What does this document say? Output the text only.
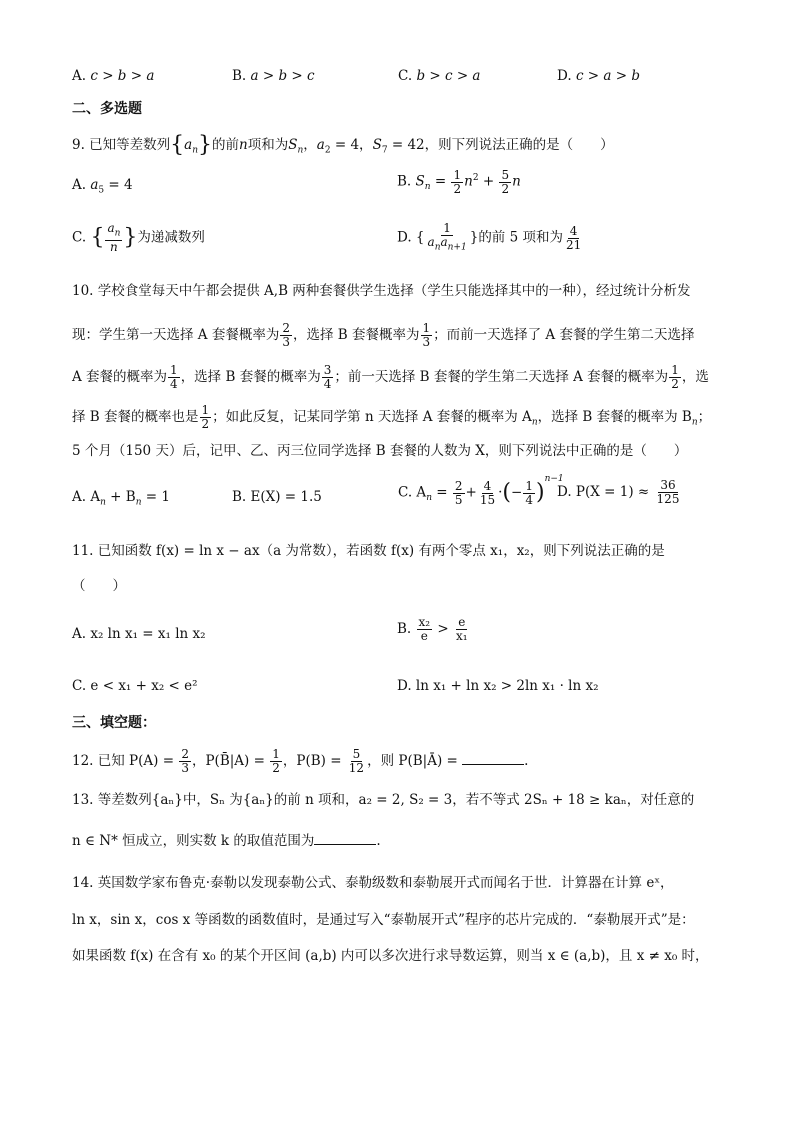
A. c > b > a	B. a > b > c	C. b > c > a	D. c > a > b
二、多选题
9. 已知等差数列$\{a_n\}$的前n项和为$S_n$，$a_2 = 4$，$S_7 = 42$，则下列说法正确的是（　　）
A. $a_5 = 4$	B. $S_n = \frac{1}{2} n^2 + \frac{5}{2}$ n
C. { $\frac{a_n}{n}$ }为递减数列	D. {
1
$a_na_{n+1}$
}的前 5 项和为 $\frac{4}{21}$
10. 学校食堂每天中午都会提供 A,B 两种套餐供学生选择（学生只能选择其中的一种），经过统计分析发
现：学生第一天选择 A 套餐概率为 $\frac{2}{3}$ ，选择 B 套餐概率为 $\frac{1}{3}$ ；而前一天选择了 A 套餐的学生第二天选择
A 套餐的概率为 $\frac{1}{4}$ ，选择 B 套餐的概率为 $\frac{3}{4}$ ；前一天选择 B 套餐的学生第二天选择 A 套餐的概率为 $\frac{1}{2}$ ，选
择 B 套餐的概率也是 $\frac{1}{2}$ ；如此反复，记某同学第 n 天选择 A 套餐的概率为 $A_n$，选择 B 套餐的概率为 $B_n$；
5 个月（150 天）后，记甲、乙、丙三位同学选择 B 套餐的人数为 X，则下列说法中正确的是（　　）
A. $A_n + B_n = 1$	B. E(X) = 1.5	C. $A_n = \frac{2}{5} + \frac{4}{15}$ ·(− $\frac{1}{4} )^{n-1}$
D. $P(X = 1) \approx \frac{36}{125}$
11. 已知函数 f(x) = ln x − ax（a 为常数），若函数 f(x) 有两个零点 x₁，x₂，则下列说法正确的是
（　　）
A. x₂ ln x₁ = x₁ ln x₂	B. $\frac{\text{x₂}}{e} > \frac{e}{\text{x₁}}$
C. e < x₁ + x₂ < e²	D. ln x₁ + ln x₂ > 2ln x₁ · ln x₂
三、填空题：
12. 已知 $P(A) = \frac{2}{3}$ ，P(B̄|A) = $\frac{1}{2}$ ，$P(B) = \frac{5}{12}$ ，则 P(B|Ā) =	.
13. 等差数列{aₙ}中，Sₙ 为{aₙ}的前 n 项和，a₂ = 2, S₂ = 3，若不等式 2Sₙ + 18 ≥ kaₙ，对任意的
n ∈ N* 恒成立，则实数 k 的取值范围为	.
14. 英国数学家布鲁克·泰勒以发现泰勒公式、泰勒级数和泰勒展开式而闻名于世．计算器在计算 eˣ，
ln x，sin x，cos x 等函数的函数值时，是通过写入“泰勒展开式”程序的芯片完成的．“泰勒展开式”是：
如果函数 f(x) 在含有 x₀ 的某个开区间 (a,b) 内可以多次进行求导数运算，则当 x ∈ (a,b)，且 x ≠ x₀ 时，
